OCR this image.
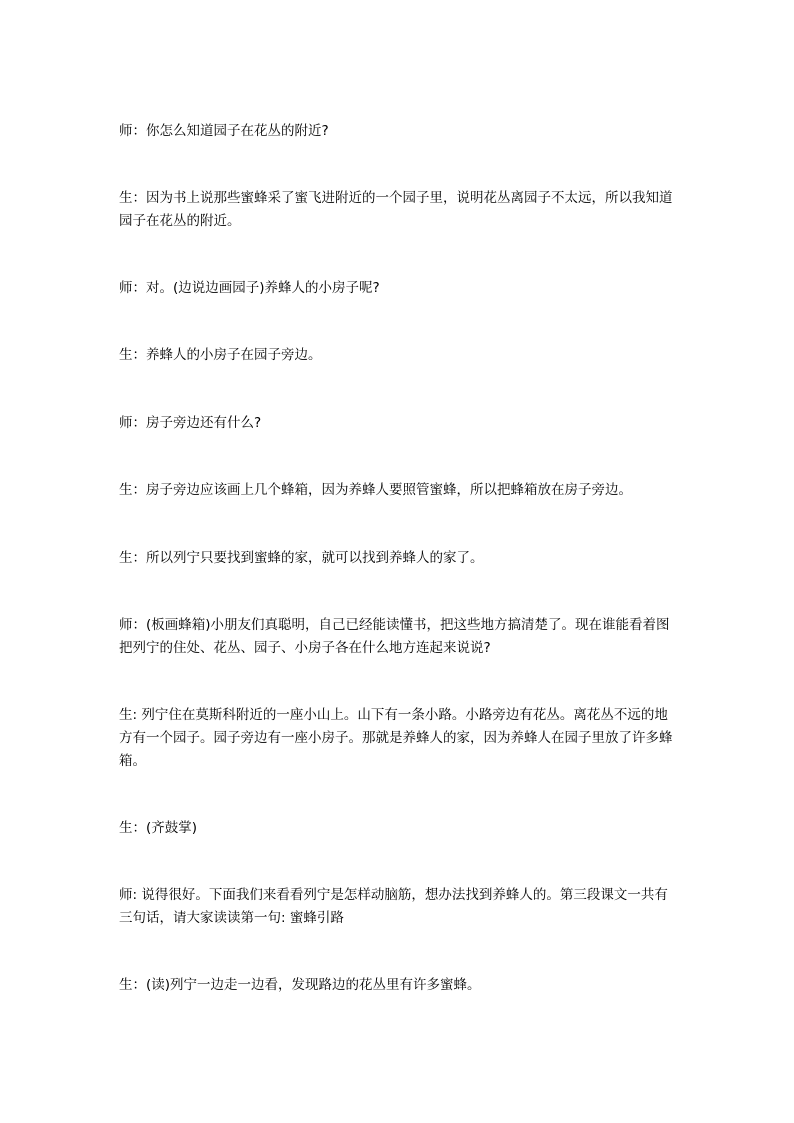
师：你怎么知道园子在花丛的附近?

生：因为书上说那些蜜蜂采了蜜飞进附近的一个园子里，说明花丛离园子不太远，所以我知道园子在花丛的附近。

师：对。(边说边画园子)养蜂人的小房子呢?

生：养蜂人的小房子在园子旁边。

师：房子旁边还有什么?

生：房子旁边应该画上几个蜂箱，因为养蜂人要照管蜜蜂，所以把蜂箱放在房子旁边。

生：所以列宁只要找到蜜蜂的家，就可以找到养蜂人的家了。

师：(板画蜂箱)小朋友们真聪明，自己已经能读懂书，把这些地方搞清楚了。现在谁能看着图把列宁的住处、花丛、园子、小房子各在什么地方连起来说说?

生: 列宁住在莫斯科附近的一座小山上。山下有一条小路。小路旁边有花丛。离花丛不远的地方有一个园子。园子旁边有一座小房子。那就是养蜂人的家，因为养蜂人在园子里放了许多蜂箱。

生：(齐鼓掌)

师: 说得很好。下面我们来看看列宁是怎样动脑筋，想办法找到养蜂人的。第三段课文一共有三句话，请大家读读第一句: 蜜蜂引路

生：(读)列宁一边走一边看，发现路边的花丛里有许多蜜蜂。
